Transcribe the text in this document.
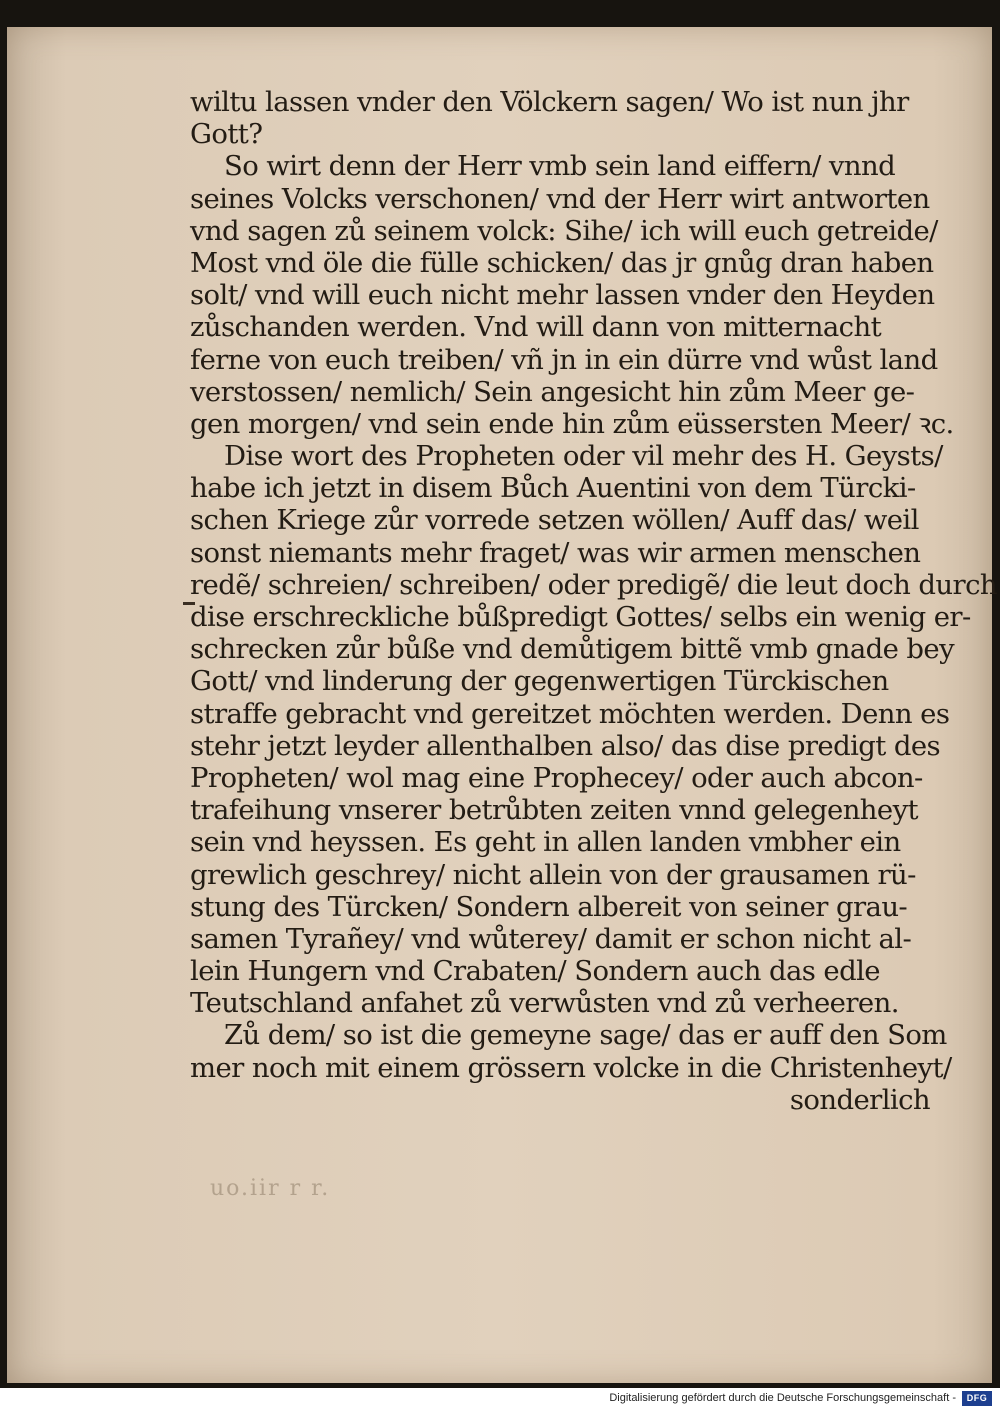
wiltu lassen vnder den Völckern sagen/ Wo ist nun jhr
Gott?
So wirt denn der Herr vmb sein land eiffern/ vnnd
seines Volcks verschonen/ vnd der Herr wirt antworten
vnd sagen zů seinem volck: Sihe/ ich will euch getreide/
Most vnd öle die fülle schicken/ das jr gnůg dran haben
solt/ vnd will euch nicht mehr lassen vnder den Heyden
zůschanden werden. Vnd will dann von mitternacht
ferne von euch treiben/ vñ jn in ein dürre vnd wůst land
verstossen/ nemlich/ Sein angesicht hin zům Meer ge-
gen morgen/ vnd sein ende hin zům eüssersten Meer/ ꝛc.
Dise wort des Propheten oder vil mehr des H. Geysts/
habe ich jetzt in disem Bůch Auentini von dem Türcki-
schen Kriege zůr vorrede setzen wöllen/ Auff das/ weil
sonst niemants mehr fraget/ was wir armen menschen
redẽ/ schreien/ schreiben/ oder predigẽ/ die leut doch durch
dise erschreckliche bůßpredigt Gottes/ selbs ein wenig er-
schrecken zůr bůße vnd demůtigem bittẽ vmb gnade bey
Gott/ vnd linderung der gegenwertigen Türckischen
straffe gebracht vnd gereitzet möchten werden. Denn es
stehr jetzt leyder allenthalben also/ das dise predigt des
Propheten/ wol mag eine Prophecey/ oder auch abcon-
trafeihung vnserer betrůbten zeiten vnnd gelegenheyt
sein vnd heyssen. Es geht in allen landen vmbher ein
grewlich geschrey/ nicht allein von der grausamen rü-
stung des Türcken/ Sondern albereit von seiner grau-
samen Tyrañey/ vnd wůterey/ damit er schon nicht al-
lein Hungern vnd Crabaten/ Sondern auch das edle
Teutschland anfahet zů verwůsten vnd zů verheeren.
Zů dem/ so ist die gemeyne sage/ das er auff den Som
mer noch mit einem grössern volcke in die Christenheyt/
sonderlich
uo.iir r r.
Digitalisierung gefördert durch die Deutsche Forschungsgemeinschaft -	DFG
